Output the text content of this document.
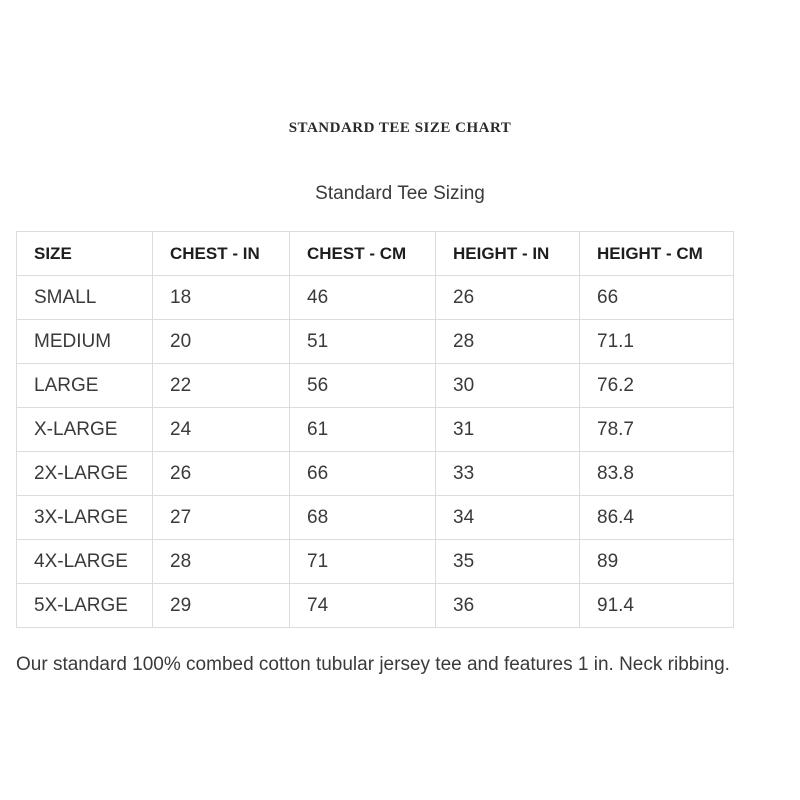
STANDARD TEE SIZE CHART
Standard Tee Sizing
SIZE	CHEST - IN	CHEST - CM	HEIGHT - IN	HEIGHT - CM
SMALL	18	46	26	66
MEDIUM	20	51	28	71.1
LARGE	22	56	30	76.2
X-LARGE	24	61	31	78.7
2X-LARGE	26	66	33	83.8
3X-LARGE	27	68	34	86.4
4X-LARGE	28	71	35	89
5X-LARGE	29	74	36	91.4
Our standard 100% combed cotton tubular jersey tee and features 1 in. Neck ribbing.
